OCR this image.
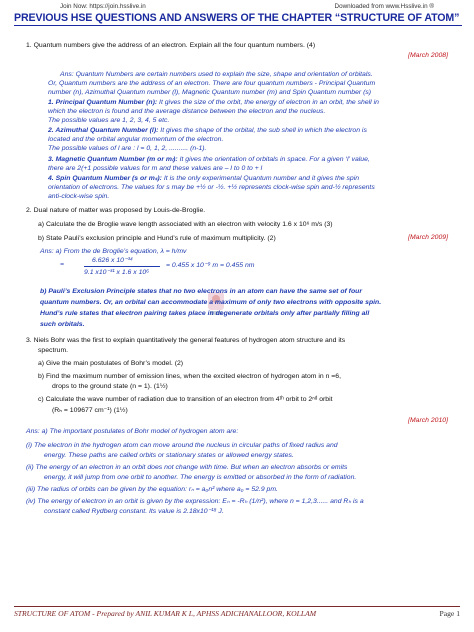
Join Now: https://join.hsslive.in	Downloaded from www.Hsslive.in ®
PREVIOUS HSE QUESTIONS AND ANSWERS OF THE CHAPTER “STRUCTURE OF ATOM”
1. Quantum numbers give the address of an electron. Explain all the four quantum numbers. (4)
[March 2008]
Ans: Quantum Numbers are certain numbers used to explain the size, shape and orientation of orbitals.
Or, Quantum numbers are the address of an electron. There are four quantum numbers - Principal Quantum
number (n), Azimuthal Quantum number (l), Magnetic Quantum number (m) and Spin Quantum number (s)
1. Principal Quantum Number (n): It gives the size of the orbit, the energy of electron in an orbit, the shell in
which the electron is found and the average distance between the electron and the nucleus.
The possible values are 1, 2, 3, 4, 5 etc.
2. Azimuthal Quantum Number (l): It gives the shape of the orbital, the sub shell in which the electron is
located and the orbital angular momentum of the electron.
The possible values of l are : l = 0, 1, 2, .......... (n-1).
3. Magnetic Quantum Number (m or mₗ): It gives the orientation of orbitals in space. For a given ‘l’ value,
there are 2(+1 possible values for m and these values are – l to 0 to + l
4. Spin Quantum Number (s or mₛ): It is the only experimental Quantum number and it gives the spin
orientation of electrons. The values for s may be +½ or -½. +½ represents clock-wise spin and-½ represents
anti-clock-wise spin.
2. Dual nature of matter was proposed by Louis-de-Broglie.
a) Calculate the de Broglie wave length associated with an electron with velocity 1.6 x 10⁶ m/s (3)
b) State Pauli’s exclusion principle and Hund’s rule of maximum multiplicity. (2)	[March 2009]
Ans: a) From the de Broglie’s equation, λ = h/mv
=
6.626 x 10⁻³⁴
9.1 x10⁻³¹ x 1.6 x 10⁶
= 0.455 x 10⁻⁹ m = 0.455 nm
b) Pauli’s Exclusion Principle states that no two electrons in an atom can have the same set of four
quantum numbers. Or, an orbital can accommodate a maximum of only two electrons with opposite spin.
Hund’s rule states that electron pairing takes place in degenerate orbitals only after partially filling all
such orbitals.
3. Niels Bohr was the first to explain quantitatively the general features of hydrogen atom structure and its
spectrum.
a) Give the main postulates of Bohr’s model. (2)
b) Find the maximum number of emission lines, when the excited electron of hydrogen atom in n =6,
drops to the ground state (n = 1). (1½)
c) Calculate the wave number of radiation due to transition of an electron from 4ᵗʰ orbit to 2ⁿᵈ orbit
(Rₕ = 109677 cm⁻¹) (1½)
[March 2010]
Ans: a) The important postulates of Bohr model of hydrogen atom are:
(i) The electron in the hydrogen atom can move around the nucleus in circular paths of fixed radius and
energy. These paths are called orbits or stationary states or allowed energy states.
(ii) The energy of an electron in an orbit does not change with time. But when an electron absorbs or emits
energy, it will jump from one orbit to another. The energy is emitted or absorbed in the form of radiation.
(iii) The radius of orbits can be given by the equation: rₙ = a₀n² where a₀ = 52.9 pm.
(iv) The energy of electron in an orbit is given by the expression: Eₙ = -Rₕ (1/n²), where n = 1,2,3...... and Rₕ is a
constant called Rydberg constant. Its value is 2.18x10⁻¹⁸ J.
STRUCTURE OF ATOM - Prepared by ANIL KUMAR K L, APHSS ADICHANALLOOR, KOLLAM	Page 1
